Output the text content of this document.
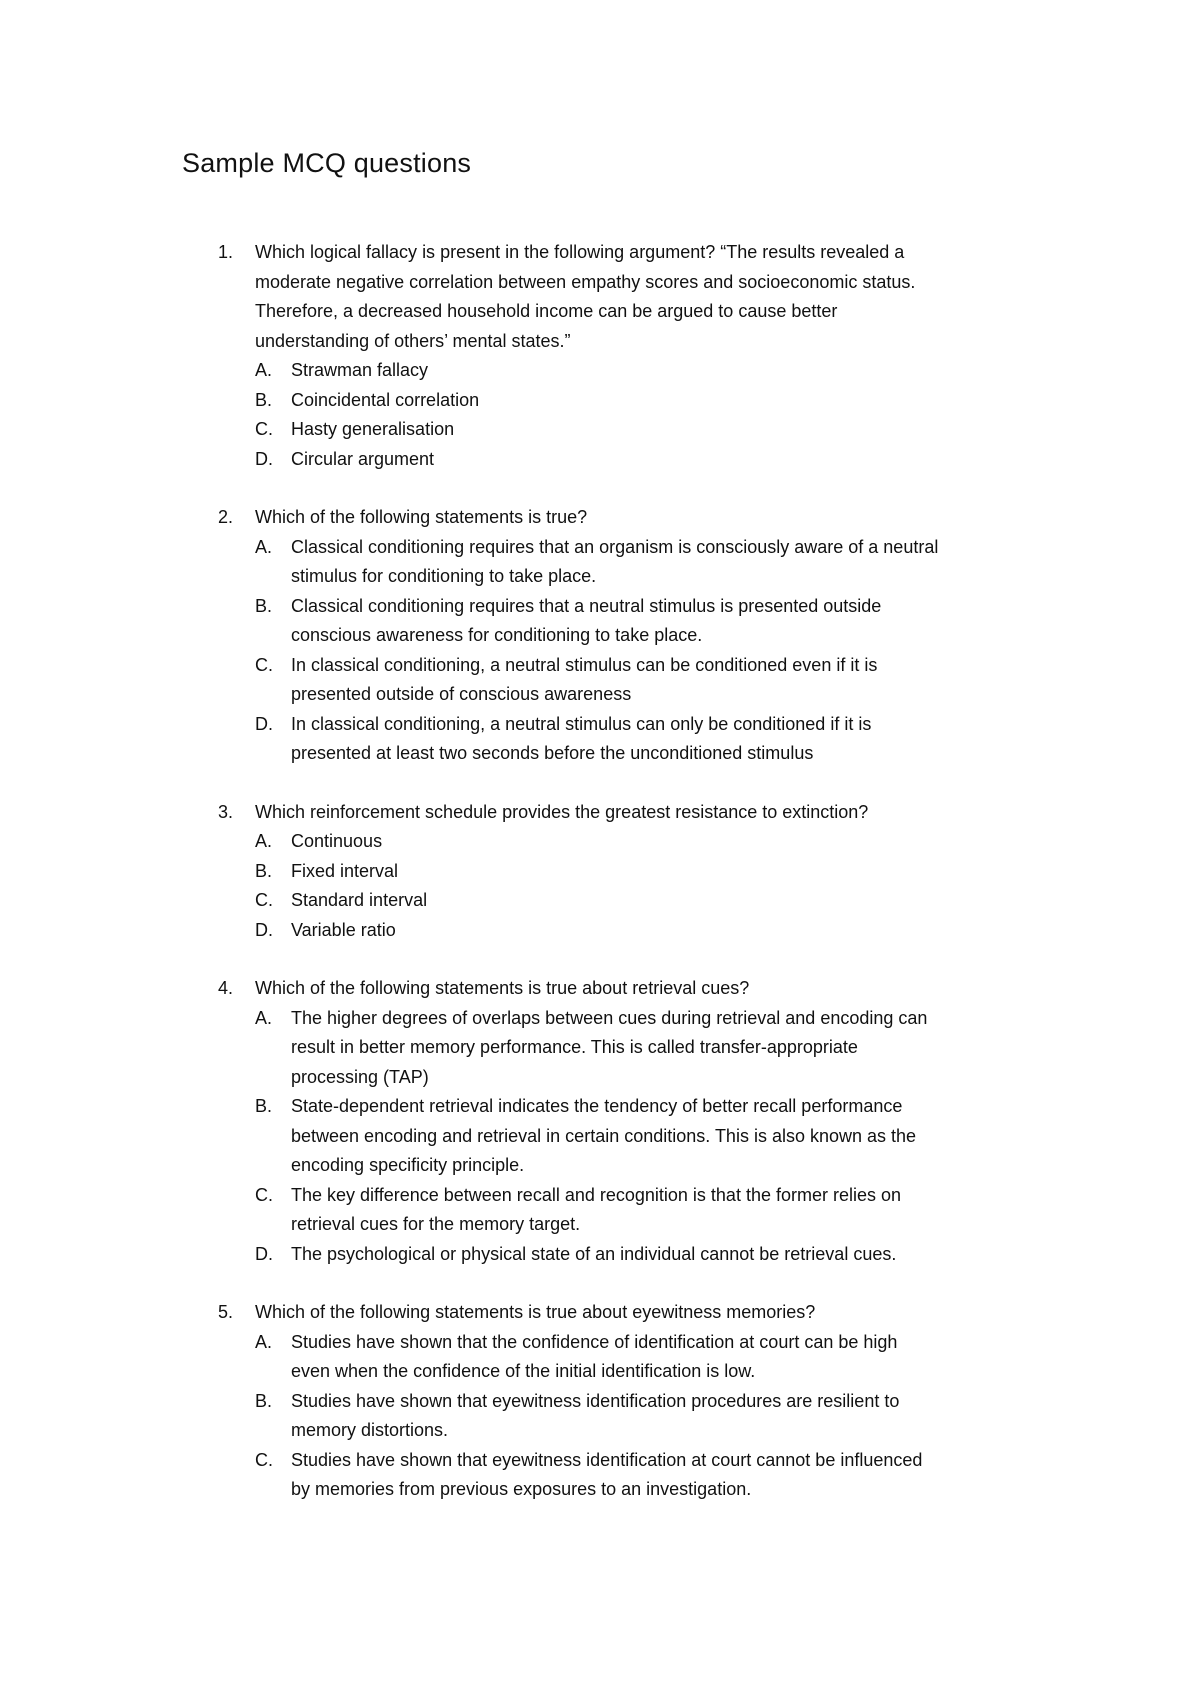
Sample MCQ questions
1.	Which logical fallacy is present in the following argument? “The results revealed a
moderate negative correlation between empathy scores and socioeconomic status.
Therefore, a decreased household income can be argued to cause better
understanding of others’ mental states.”
A.	Strawman fallacy
B.	Coincidental correlation
C.	Hasty generalisation
D.	Circular argument
2.	Which of the following statements is true?
A.	Classical conditioning requires that an organism is consciously aware of a neutral
stimulus for conditioning to take place.
B.	Classical conditioning requires that a neutral stimulus is presented outside
conscious awareness for conditioning to take place.
C.	In classical conditioning, a neutral stimulus can be conditioned even if it is
presented outside of conscious awareness
D.	In classical conditioning, a neutral stimulus can only be conditioned if it is
presented at least two seconds before the unconditioned stimulus
3.	Which reinforcement schedule provides the greatest resistance to extinction?
A.	Continuous
B.	Fixed interval
C.	Standard interval
D.	Variable ratio
4.	Which of the following statements is true about retrieval cues?
A.	The higher degrees of overlaps between cues during retrieval and encoding can
result in better memory performance. This is called transfer-appropriate
processing (TAP)
B.	State-dependent retrieval indicates the tendency of better recall performance
between encoding and retrieval in certain conditions. This is also known as the
encoding specificity principle.
C.	The key difference between recall and recognition is that the former relies on
retrieval cues for the memory target.
D.	The psychological or physical state of an individual cannot be retrieval cues.
5.	Which of the following statements is true about eyewitness memories?
A.	Studies have shown that the confidence of identification at court can be high
even when the confidence of the initial identification is low.
B.	Studies have shown that eyewitness identification procedures are resilient to
memory distortions.
C.	Studies have shown that eyewitness identification at court cannot be influenced
by memories from previous exposures to an investigation.
